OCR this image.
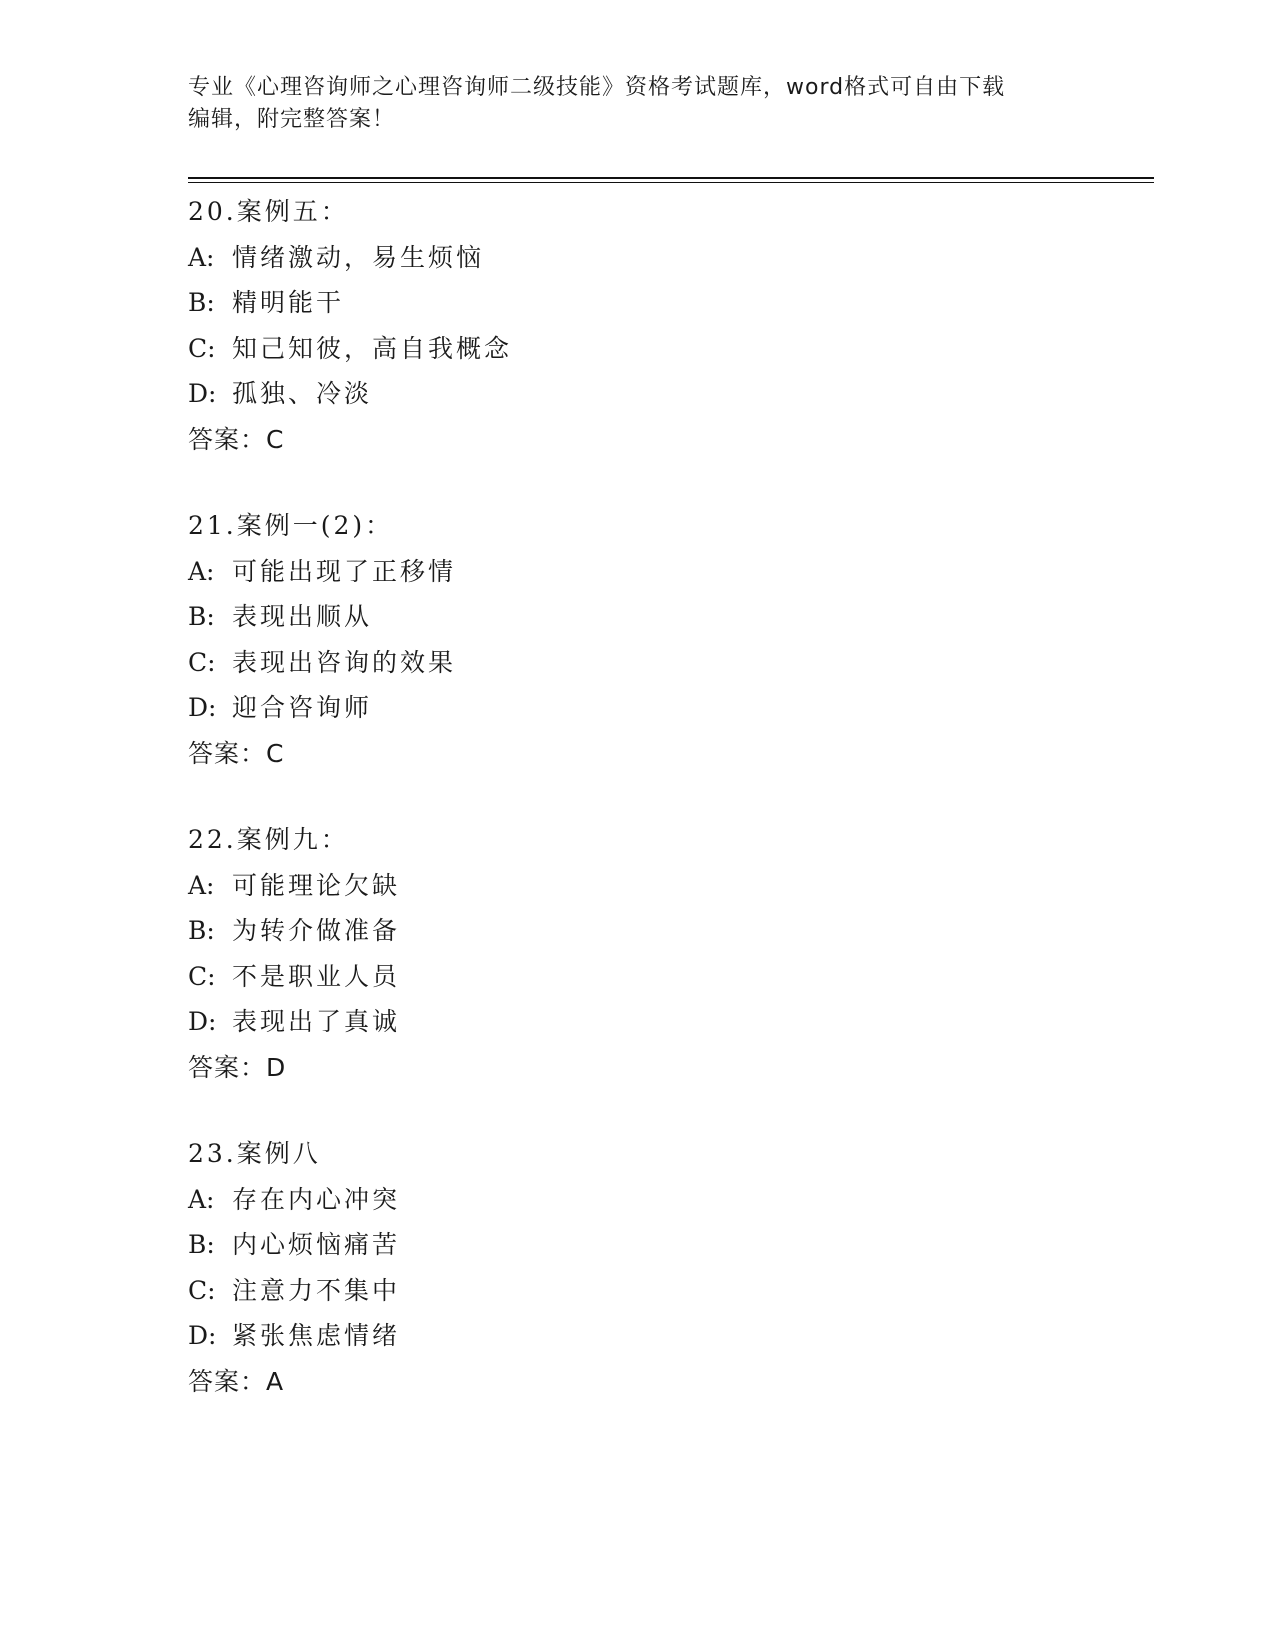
专业《心理咨询师之心理咨询师二级技能》资格考试题库，word格式可自由下载
编辑，附完整答案！
20.案例五：
A: 情绪激动，易生烦恼
B: 精明能干
C: 知己知彼，高自我概念
D: 孤独、冷淡
答案：C
21.案例一(2)：
A: 可能出现了正移情
B: 表现出顺从
C: 表现出咨询的效果
D: 迎合咨询师
答案：C
22.案例九：
A: 可能理论欠缺
B: 为转介做准备
C: 不是职业人员
D: 表现出了真诚
答案：D
23.案例八
A: 存在内心冲突
B: 内心烦恼痛苦
C: 注意力不集中
D: 紧张焦虑情绪
答案：A
